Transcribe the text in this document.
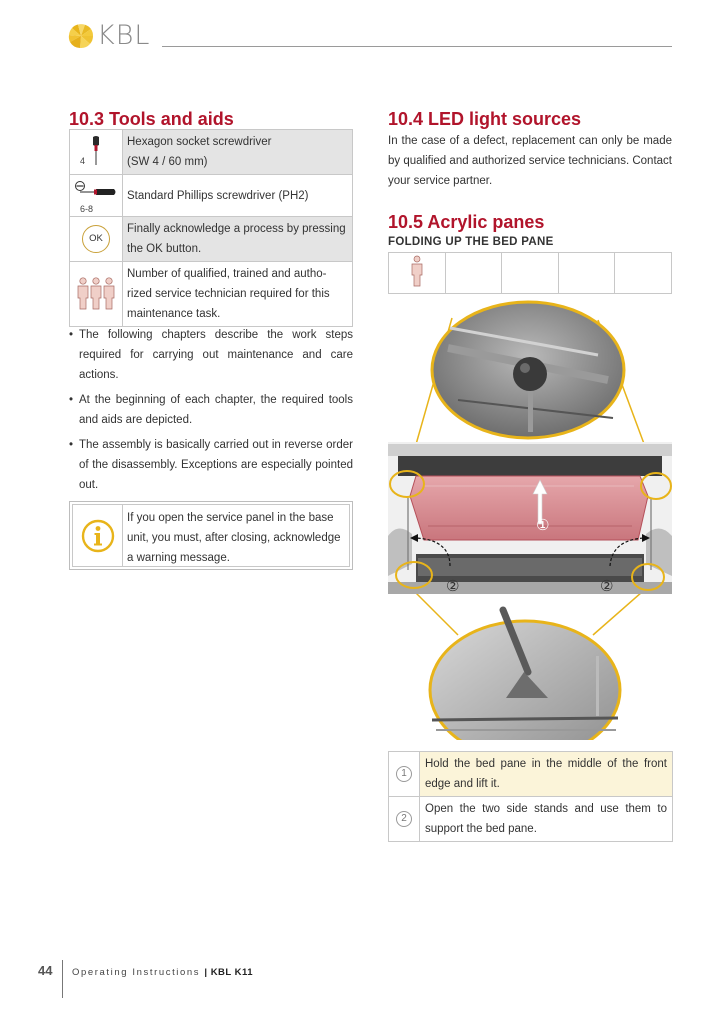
KBL
10.3 Tools and aids
4	Hexagon socket screwdriver
(SW 4 / 60 mm)

6-8	Standard Phillips screwdriver (PH2)

OK	Finally acknowledge a process by pressing
the OK button.

Number of qualified, trained and autho-
rized service technician required for this
maintenance task.
• The following chapters describe the work steps required for carrying out maintenance and care actions.
• At the beginning of each chapter, the required tools and aids are depicted.
• The assembly is basically carried out in reverse order of the disassembly. Exceptions are especially pointed out.
If you open the service panel in the base unit, you must, after closing, acknowledge a warning message.
10.4 LED light sources

In the case of a defect, replacement can only be made by qualified and authorized service technicians. Contact your service partner.

10.5 Acrylic panes
FOLDING UP THE BED PANE

①
②	②
1	Hold the bed pane in the middle of the front edge and lift it.
2	Open the two side stands and use them to support the bed pane.
44 Operating Instructions | KBL K11
